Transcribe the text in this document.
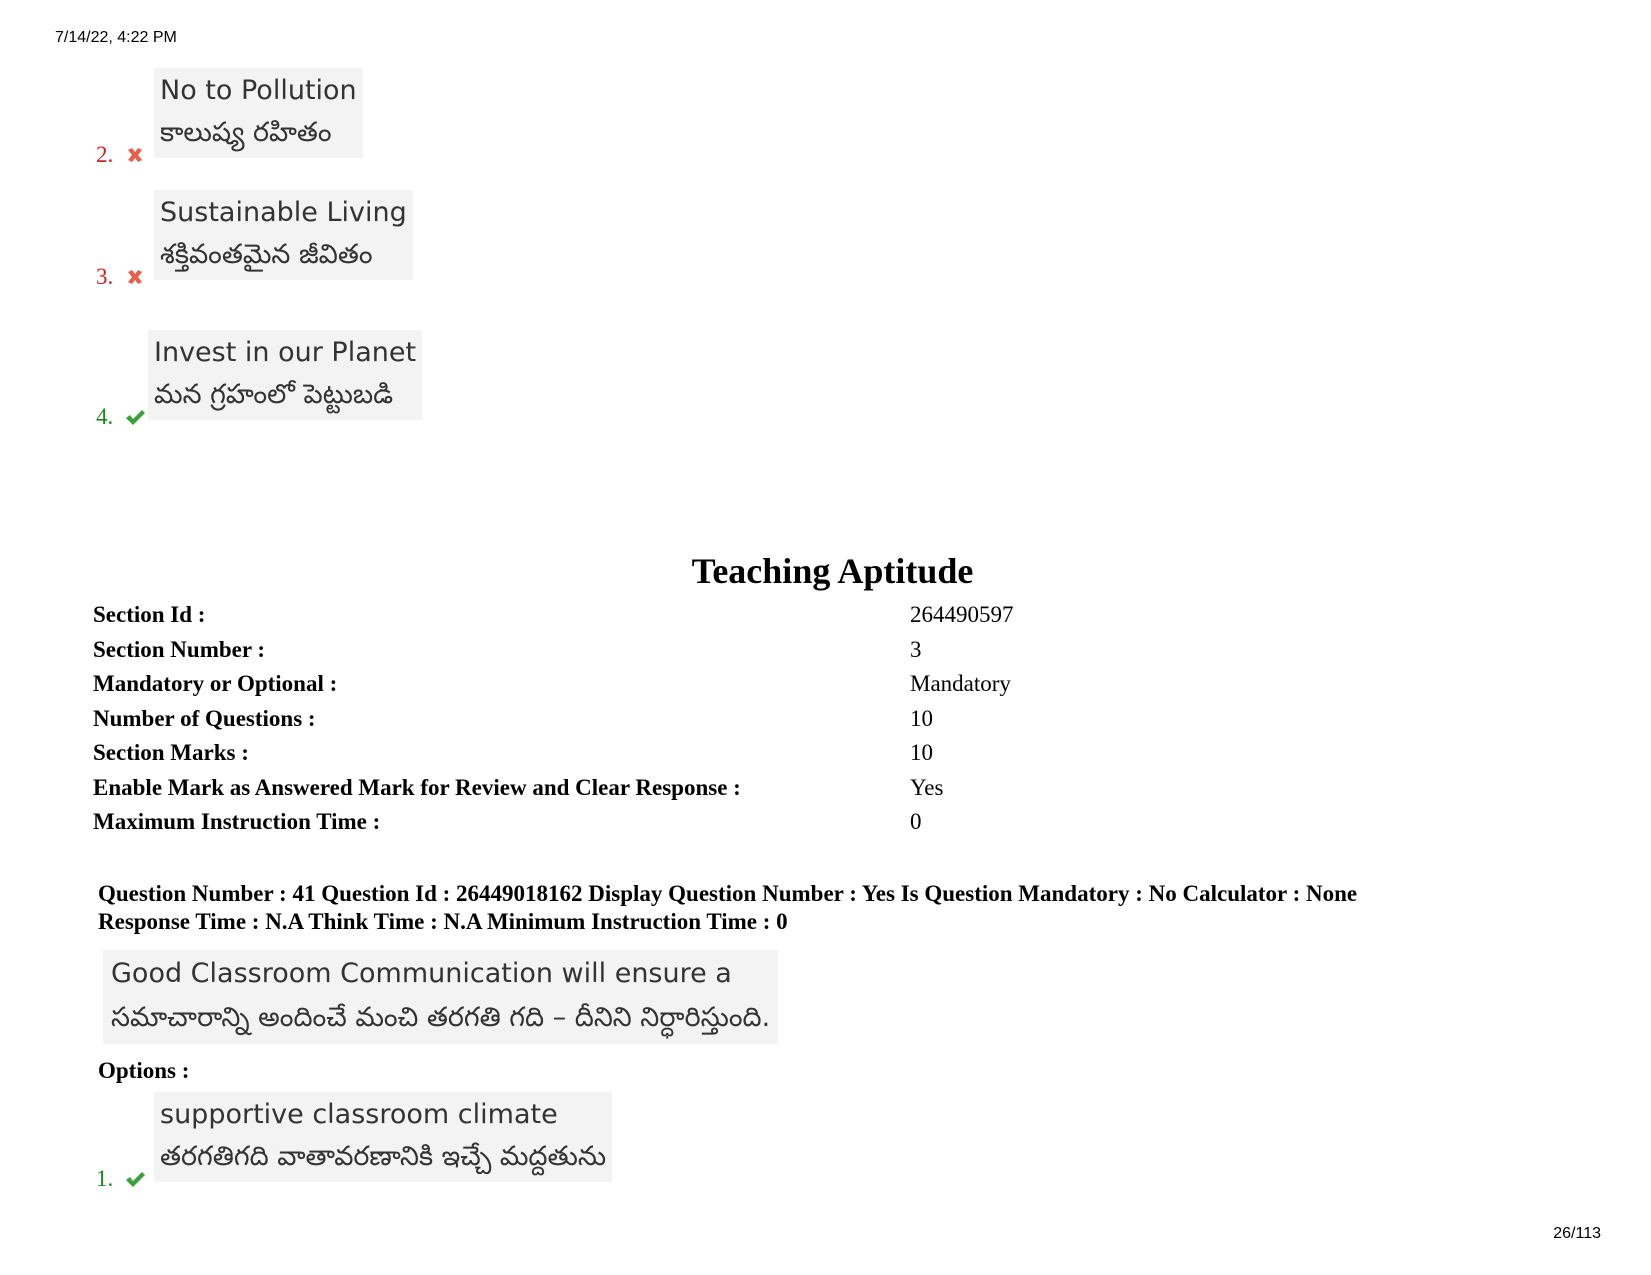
7/14/22, 4:22 PM
No to Pollution
కాలుష్య రహితం
2.
Sustainable Living
శక్తివంతమైన జీవితం
3.
Invest in our Planet
మన గ్రహంలో పెట్టుబడి
4.
Teaching Aptitude
Section Id :	264490597
Section Number :	3
Mandatory or Optional :	Mandatory
Number of Questions :	10
Section Marks :	10
Enable Mark as Answered Mark for Review and Clear Response :	Yes
Maximum Instruction Time :	0
Question Number : 41 Question Id : 26449018162 Display Question Number : Yes Is Question Mandatory : No Calculator : None
Response Time : N.A Think Time : N.A Minimum Instruction Time : 0
Good Classroom Communication will ensure a
సమాచారాన్ని అందించే మంచి తరగతి గది – దీనిని నిర్ధారిస్తుంది.
Options :
supportive classroom climate
తరగతిగది వాతావరణానికి ఇచ్చే మద్దతును
1.
26/113
